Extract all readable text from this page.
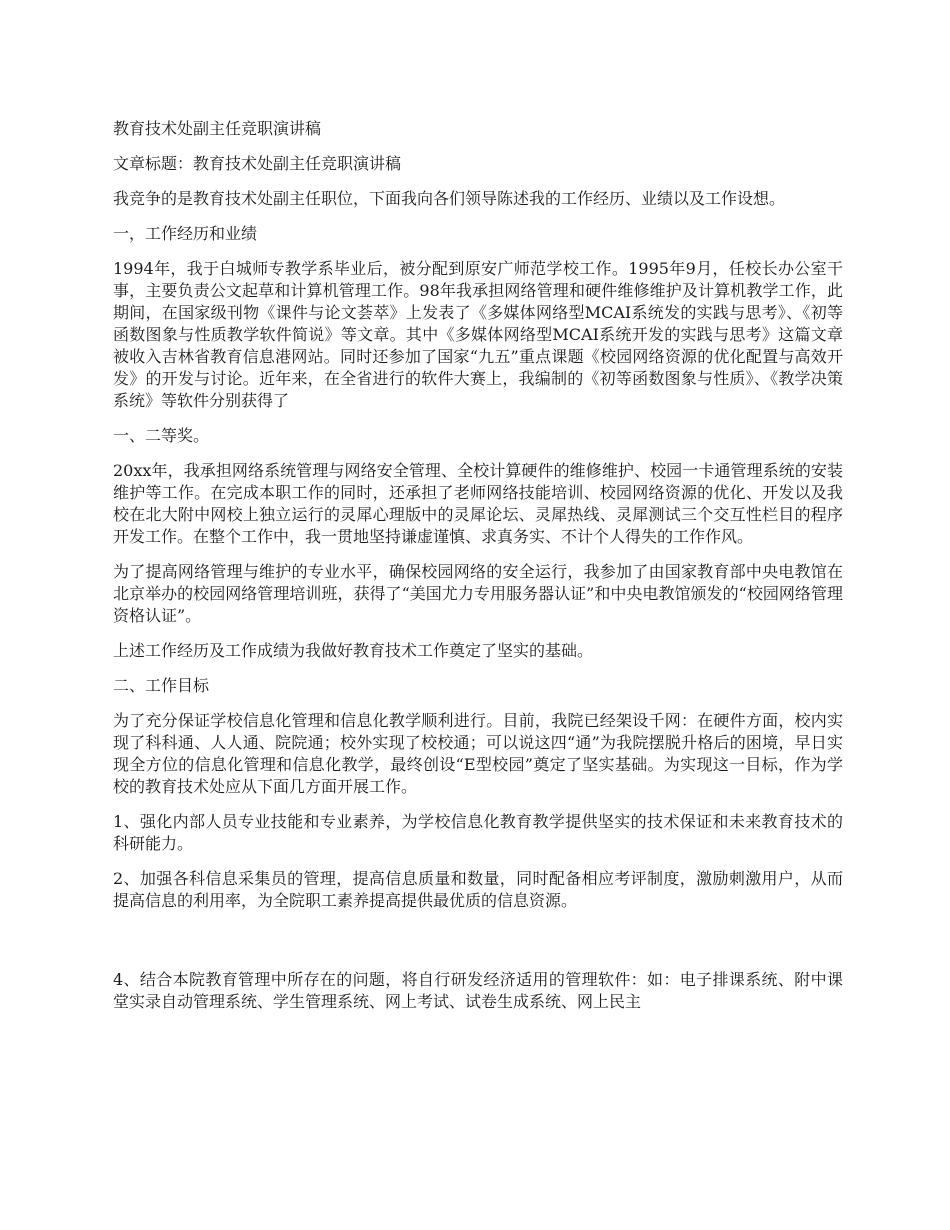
教育技术处副主任竞职演讲稿

文章标题：教育技术处副主任竞职演讲稿

我竞争的是教育技术处副主任职位，下面我向各们领导陈述我的工作经历、业绩以及工作设想。

一，工作经历和业绩

1994年，我于白城师专教学系毕业后，被分配到原安广师范学校工作。1995年9月，任校长办公室干事，主要负责公文起草和计算机管理工作。98年我承担网络管理和硬件维修维护及计算机教学工作，此期间，在国家级刊物《课件与论文荟萃》上发表了《多媒体网络型MCAI系统发的实践与思考》、《初等函数图象与性质教学软件简说》等文章。其中《多媒体网络型MCAI系统开发的实践与思考》这篇文章被收入吉林省教育信息港网站。同时还参加了国家“九五”重点课题《校园网络资源的优化配置与高效开发》的开发与讨论。近年来，在全省进行的软件大赛上，我编制的《初等函数图象与性质》、《教学决策系统》等软件分别获得了

一、二等奖。

20xx年，我承担网络系统管理与网络安全管理、全校计算硬件的维修维护、校园一卡通管理系统的安装维护等工作。在完成本职工作的同时，还承担了老师网络技能培训、校园网络资源的优化、开发以及我校在北大附中网校上独立运行的灵犀心理版中的灵犀论坛、灵犀热线、灵犀测试三个交互性栏目的程序开发工作。在整个工作中，我一贯地坚持谦虚谨慎、求真务实、不计个人得失的工作作风。

为了提高网络管理与维护的专业水平，确保校园网络的安全运行，我参加了由国家教育部中央电教馆在北京举办的校园网络管理培训班，获得了“美国尤力专用服务器认证”和中央电教馆颁发的“校园网络管理资格认证”。

上述工作经历及工作成绩为我做好教育技术工作奠定了坚实的基础。

二、工作目标

为了充分保证学校信息化管理和信息化教学顺利进行。目前，我院已经架设千网：在硬件方面，校内实现了科科通、人人通、院院通；校外实现了校校通；可以说这四“通”为我院摆脱升格后的困境，早日实现全方位的信息化管理和信息化教学，最终创设“E型校园”奠定了坚实基础。为实现这一目标，作为学校的教育技术处应从下面几方面开展工作。

1、强化内部人员专业技能和专业素养，为学校信息化教育教学提供坚实的技术保证和未来教育技术的科研能力。

2、加强各科信息采集员的管理，提高信息质量和数量，同时配备相应考评制度，激励刺激用户，从而提高信息的利用率，为全院职工素养提高提供最优质的信息资源。

4、结合本院教育管理中所存在的问题，将自行研发经济适用的管理软件：如：电子排课系统、附中课堂实录自动管理系统、学生管理系统、网上考试、试卷生成系统、网上民主
